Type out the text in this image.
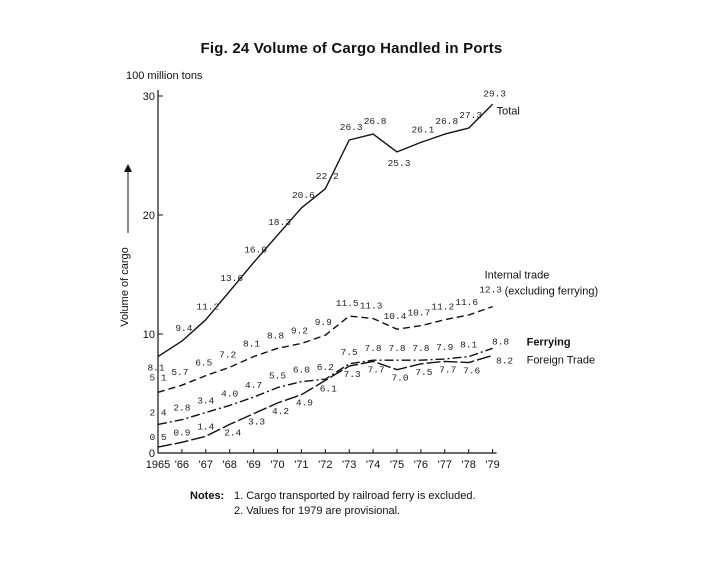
Fig. 24 Volume of Cargo Handled in Ports
100 million tons
0
10
20
30
1965 '66 '67 '68 '69 '70 '71 '72 '73 '74 '75 '76 '77 '78 '79
Volume of cargo
8.1
9.4
11.2
13.6
16.0
18.3
20.6
22.2
26.3
26.8
25.3
26.1
26.8
27.3
29.3
5.1 5.7
6.5
7.2
8.1
8.8 9.2
9.9
11.5 11.3
10.4 10.7
11.2 11.6
12.3
2.4 2.8
3.4
4.0
4.7
5.5
6.0 6.2
7.5 7.8 7.8 7.8 7.9 8.1 8.8
0.5 0.9
1.4
2.4
3.3
4.2
4.9
6.1
7.3 7.7
7.0
7.5 7.7 7.6
8.2
Total
Internal trade
(excluding ferrying)
Ferrying
Foreign Trade
Notes: 1. Cargo transported by railroad ferry is excluded.
2. Values for 1979 are provisional.
